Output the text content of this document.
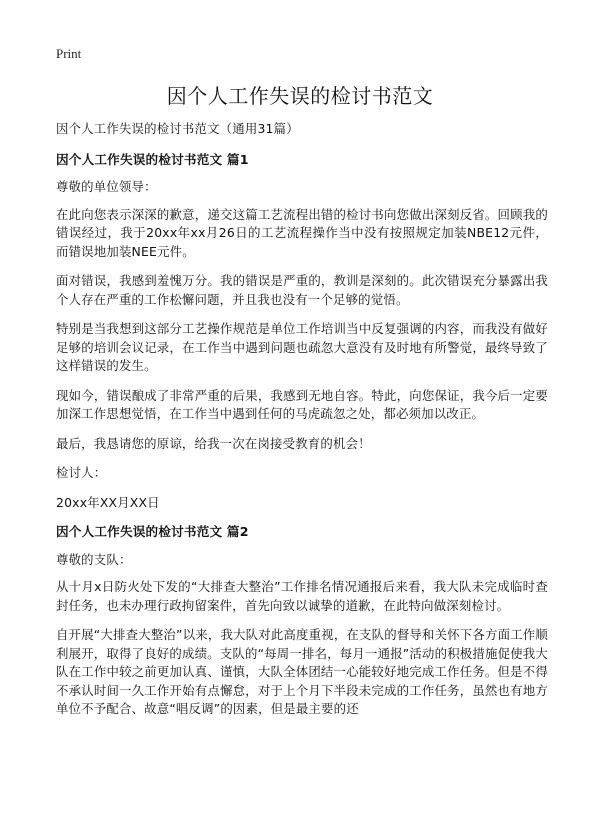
Print
因个人工作失误的检讨书范文

因个人工作失误的检讨书范文（通用31篇）

因个人工作失误的检讨书范文 篇1

尊敬的单位领导：

在此向您表示深深的歉意，递交这篇工艺流程出错的检讨书向您做出深刻反省。回顾我的错误经过，我于20xx年xx月26日的工艺流程操作当中没有按照规定加装NBE12元件，而错误地加装NEE元件。

面对错误，我感到羞愧万分。我的错误是严重的，教训是深刻的。此次错误充分暴露出我个人存在严重的工作松懈问题，并且我也没有一个足够的觉悟。

特别是当我想到这部分工艺操作规范是单位工作培训当中反复强调的内容，而我没有做好足够的培训会议记录，在工作当中遇到问题也疏忽大意没有及时地有所警觉，最终导致了这样错误的发生。

现如今，错误酿成了非常严重的后果，我感到无地自容。特此，向您保证，我今后一定要加深工作思想觉悟，在工作当中遇到任何的马虎疏忽之处，都必须加以改正。

最后，我恳请您的原谅，给我一次在岗接受教育的机会！

检讨人：

20xx年XX月XX日

因个人工作失误的检讨书范文 篇2

尊敬的支队：

从十月x日防火处下发的“大排查大整治”工作排名情况通报后来看，我大队未完成临时查封任务，也未办理行政拘留案件，首先向致以诚挚的道歉，在此特向做深刻检讨。

自开展“大排查大整治”以来，我大队对此高度重视，在支队的督导和关怀下各方面工作顺利展开，取得了良好的成绩。支队的“每周一排名，每月一通报”活动的积极措施促使我大队在工作中较之前更加认真、谨慎，大队全体团结一心能较好地完成工作任务。但是不得不承认时间一久工作开始有点懈怠，对于上个月下半段未完成的工作任务，虽然也有地方单位不予配合、故意“唱反调”的因素，但是最主要的还
